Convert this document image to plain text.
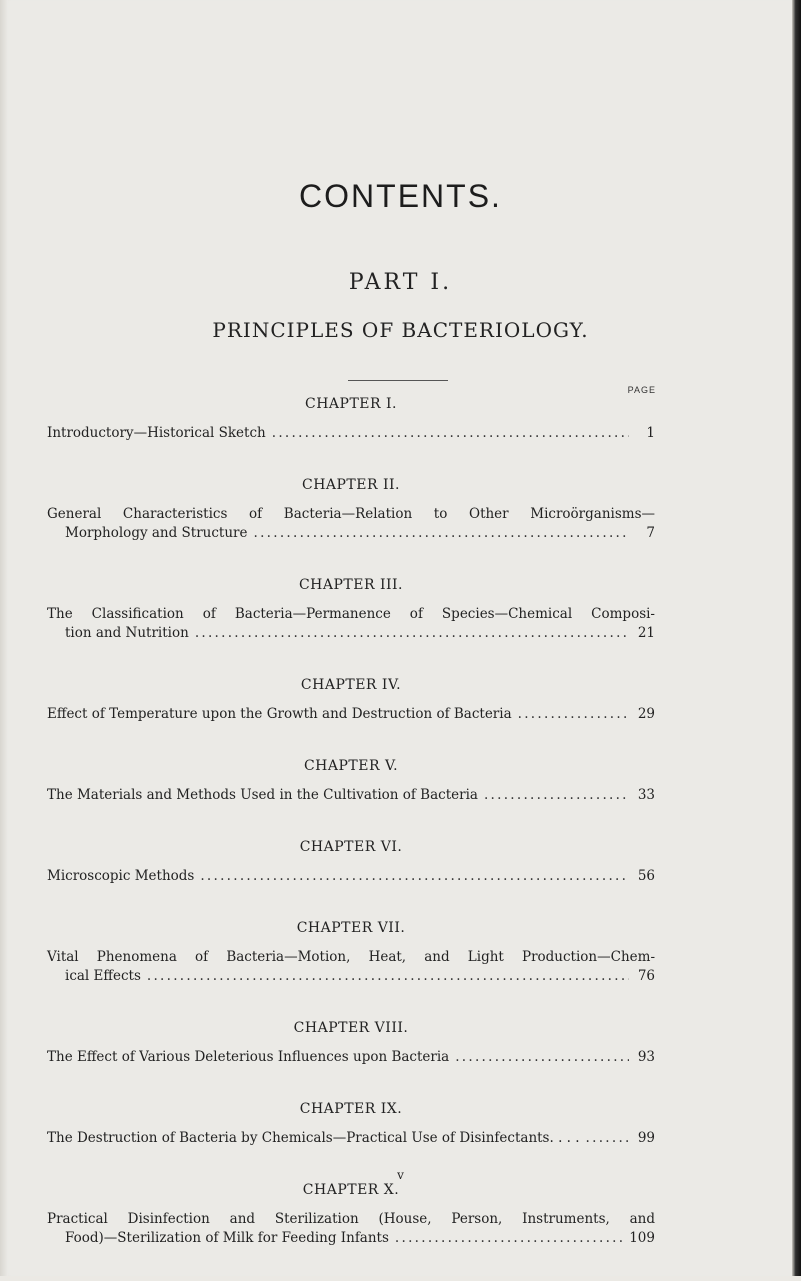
CONTENTS.
PART I.
PRINCIPLES OF BACTERIOLOGY.
PAGE
CHAPTER I.
Introductory—Historical Sketch . . .	1
CHAPTER II.
General Characteristics of Bacteria—Relation to Other Microörganisms—
Morphology and Structure . . .	7
CHAPTER III.
The Classification of Bacteria—Permanence of Species—Chemical Composi-
tion and Nutrition . . .	21
CHAPTER IV.
Effect of Temperature upon the Growth and Destruction of Bacteria . . .	29
CHAPTER V.
The Materials and Methods Used in the Cultivation of Bacteria . . .	33
CHAPTER VI.
Microscopic Methods . . .	56
CHAPTER VII.
Vital Phenomena of Bacteria—Motion, Heat, and Light Production—Chem-
ical Effects . . .	76
CHAPTER VIII.
The Effect of Various Deleterious Influences upon Bacteria . . .	93
CHAPTER IX.
The Destruction of Bacteria by Chemicals—Practical Use of Disinfectants. . . . . . .	99
CHAPTER X.
Practical Disinfection and Sterilization (House, Person, Instruments, and
Food)—Sterilization of Milk for Feeding Infants . . .	109
v
